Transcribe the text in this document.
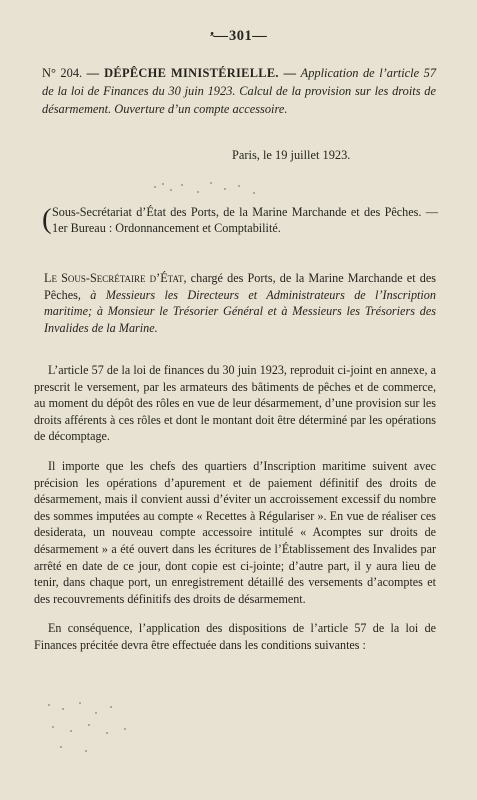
ᵜ— 301—
N° 204. — DÉPÊCHE MINISTÉRIELLE. — Application de l’article 57 de la loi de Finances du 30 juin 1923. Calcul de la provision sur les droits de désarmement. Ouverture d’un compte accessoire.
Paris, le 19 juillet 1923.
( Sous-Secrétariat d’État des Ports, de la Marine Marchande et des Pêches. — 1er Bureau : Ordonnancement et Comptabilité.
Le Sous-Secrétaire d’État, chargé des Ports, de la Marine Marchande et des Pêches, à Messieurs les Directeurs et Administrateurs de l’Inscription maritime; à Monsieur le Trésorier Général et à Messieurs les Trésoriers des Invalides de la Marine.

L’article 57 de la loi de finances du 30 juin 1923, reproduit ci-joint en annexe, a prescrit le versement, par les armateurs des bâtiments de pêches et de commerce, au moment du dépôt des rôles en vue de leur désarmement, d’une provision sur les droits afférents à ces rôles et dont le montant doit être déterminé par les opérations de décomptage.

Il importe que les chefs des quartiers d’Inscription maritime suivent avec précision les opérations d’apurement et de paiement définitif des droits de désarmement, mais il convient aussi d’éviter un accroissement excessif du nombre des sommes imputées au compte « Recettes à Régulariser ». En vue de réaliser ces desiderata, un nouveau compte accessoire intitulé « Acomptes sur droits de désarmement » a été ouvert dans les écritures de l’Établissement des Invalides par arrêté en date de ce jour, dont copie est ci-jointe; d’autre part, il y aura lieu de tenir, dans chaque port, un enregistrement détaillé des versements d’acomptes et des recouvrements définitifs des droits de désarmement.

En conséquence, l’application des dispositions de l’article 57 de la loi de Finances précitée devra être effectuée dans les conditions suivantes :
